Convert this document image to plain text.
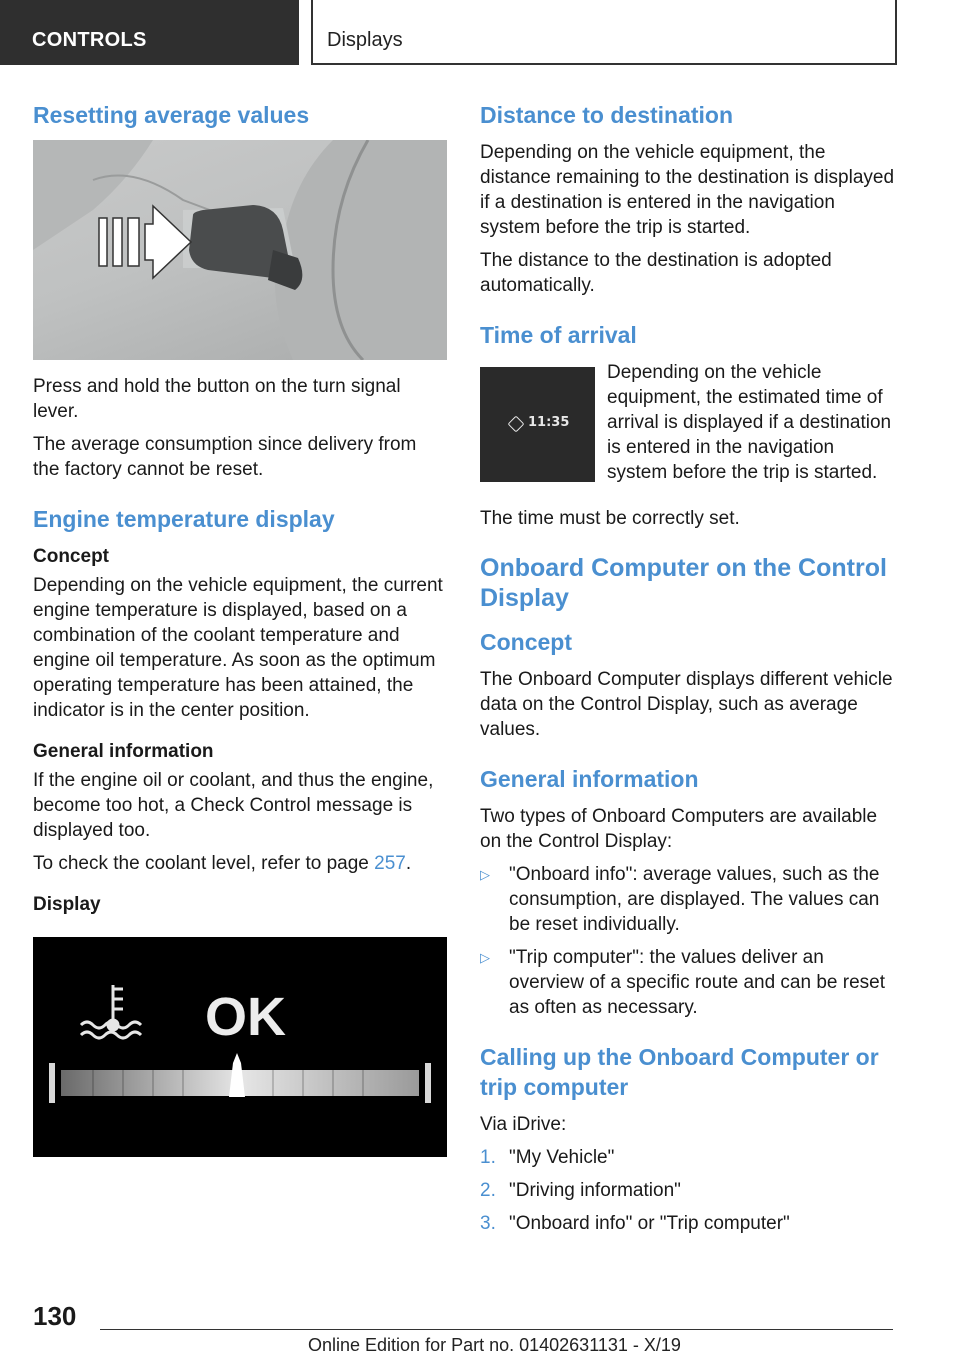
CONTROLS	Displays
Resetting average values

Press and hold the button on the turn signal lever.

The average consumption since delivery from the factory cannot be reset.

Engine temperature display
Concept

Depending on the vehicle equipment, the current engine temperature is displayed, based on a combination of the coolant temperature and engine oil temperature. As soon as the optimum operating temperature has been attained, the indicator is in the center position.

General information

If the engine oil or coolant, and thus the engine, become too hot, a Check Control message is displayed too.

To check the coolant level, refer to page 257.

Display
OK
Distance to destination

Depending on the vehicle equipment, the distance remaining to the destination is displayed if a destination is entered in the navigation system before the trip is started.

The distance to the destination is adopted automatically.

Time of arrival
11:35

Depending on the vehicle equipment, the estimated time of arrival is displayed if a destination is entered in the navigation system before the trip is started.

The time must be correctly set.

Onboard Computer on the Control Display
Concept

The Onboard Computer displays different vehicle data on the Control Display, such as average values.

General information

Two types of Onboard Computers are available on the Control Display:

▷ "Onboard info": average values, such as the consumption, are displayed. The values can be reset individually.
▷ "Trip computer": the values deliver an overview of a specific route and can be reset as often as necessary.
Calling up the Onboard Computer or trip computer

Via iDrive:

1. "My Vehicle"
2. "Driving information"
3. "Onboard info" or "Trip computer"
130
Online Edition for Part no. 01402631131 - X/19
